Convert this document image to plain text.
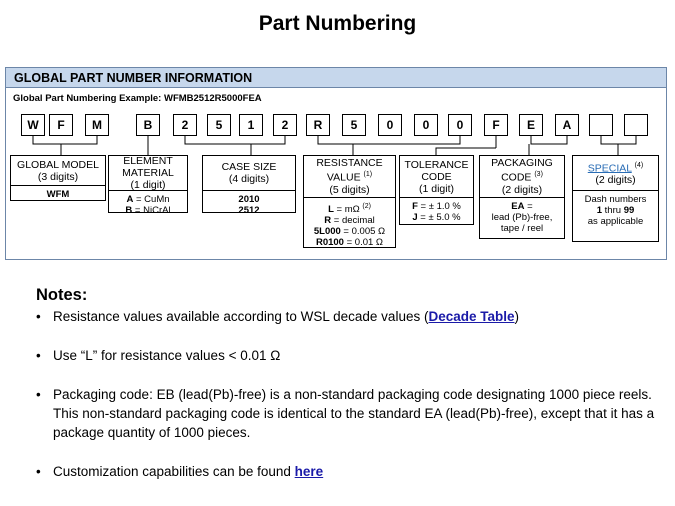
Part Numbering
GLOBAL PART NUMBER INFORMATION
Global Part Numbering Example: WFMB2512R5000FEA
W	F	M	B	2	5	1	2	R	5	0	0	0	F	E	A
GLOBAL MODEL
(3 digits)
WFM
ELEMENT
MATERIAL
(1 digit)
A = CuMn
B = NiCrAl
CASE SIZE
(4 digits)
2010
2512
RESISTANCE
VALUE $^{(1)}$
(5 digits)
L = mΩ $^{(2)}$
R = decimal
5L000 = 0.005 Ω
R0100 = 0.01 Ω
TOLERANCE
CODE
(1 digit)
F = ± 1.0 %
J = ± 5.0 %
PACKAGING
CODE $^{(3)}$
(2 digits)
EA =
lead (Pb)-free,
tape / reel
SPECIAL $^{(4)}$
(2 digits)
Dash numbers
1 thru 99
as applicable
Notes:
• Resistance values available according to WSL decade values (Decade Table)
• Use “L” for resistance values < 0.01 Ω
• Packaging code: EB (lead(Pb)-free) is a non-standard packaging code designating 1000 piece reels. This non-standard packaging code is identical to the standard EA (lead(Pb)-free), except that it has a package quantity of 1000 pieces.
• Customization capabilities can be found here
